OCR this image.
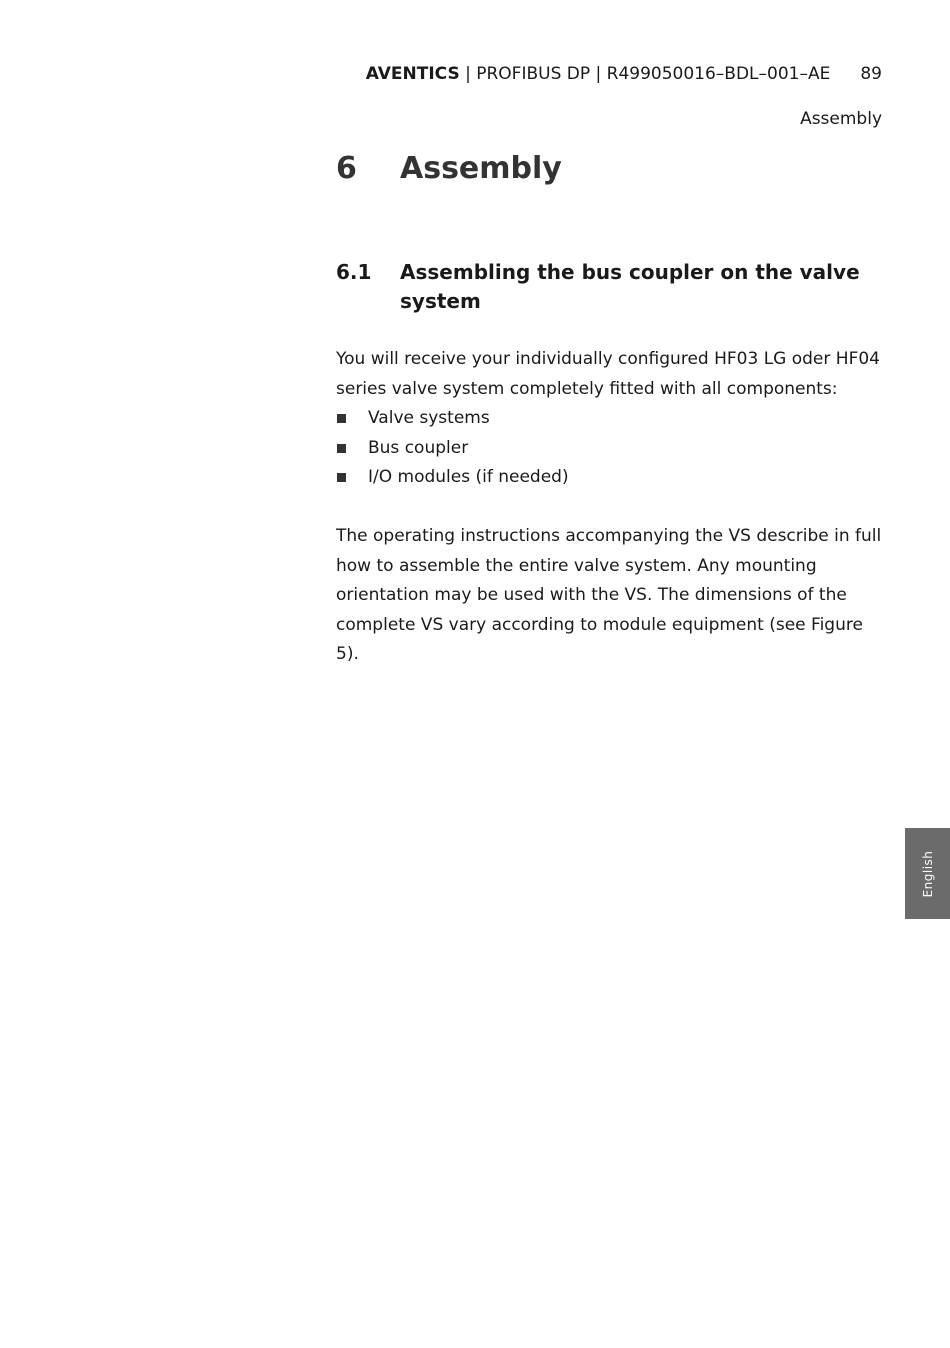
AVENTICS | PROFIBUS DP | R499050016–BDL–001–AE 89
Assembly
6 Assembly
6.1 Assembling the bus coupler on the valve system

You will receive your individually configured HF03 LG oder HF04 series valve system completely fitted with all components:

Valve systems
Bus coupler
I/O modules (if needed)

The operating instructions accompanying the VS describe in full how to assemble the entire valve system. Any mounting orientation may be used with the VS. The dimensions of the complete VS vary according to module equipment (see Figure 5).

English
